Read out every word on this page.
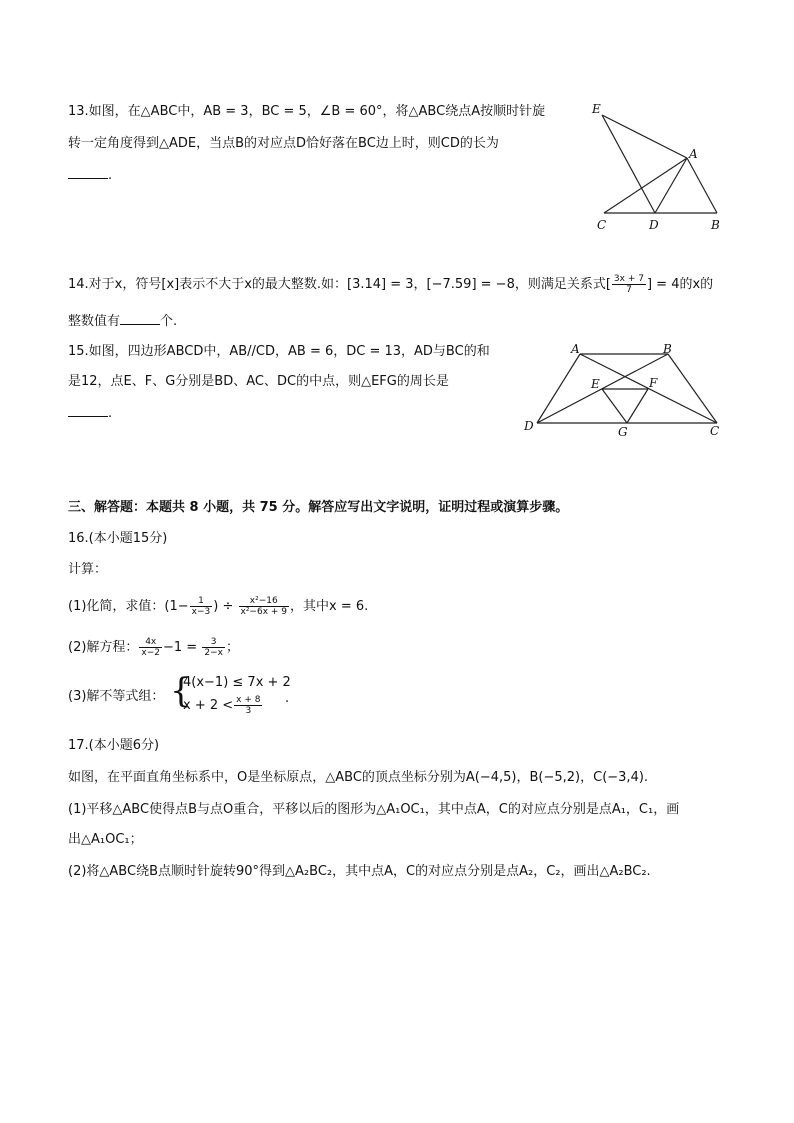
13.如图，在△ABC中，AB = 3，BC = 5，∠B = 60°，将△ABC绕点A按顺时针旋
转一定角度得到△ADE，当点B的对应点D恰好落在BC边上时，则CD的长为
.
E
A
C	D	B
14.对于x，符号[x]表示不大于x的最大整数.如：[3.14] = 3，[−7.59] = −8，则满足关系式[ $\frac{3x + 7}{7}$ ] = 4的x的
整数值有	个.
15.如图，四边形ABCD中，AB//CD，AB = 6，DC = 13，AD与BC的和
是12，点E、F、G分别是BD、AC、DC的中点，则△EFG的周长是
.
A	B
E	F
D	G	C
三、解答题：本题共 8 小题，共 75 分。解答应写出文字说明，证明过程或演算步骤。
16.(本小题15分)
计算：
(1)化简，求值：($1- \frac{1}{x-3}$ ) ÷ $\frac{\text{x²−16}}{\text{x²−6x + 9}}$ ，其中x = 6.
(2)解方程： $\frac{4x}{x-2} -1 = \frac{3}{2-x}$ ；
(3)解不等式组： {
4(x−1) ≤ 7x + 2
$x + 2 < \frac{x + 8}{3}$ .
17.(本小题6分)
如图，在平面直角坐标系中，O是坐标原点，△ABC的顶点坐标分别为A(−4,5)，B(−5,2)，C(−3,4).
(1)平移△ABC使得点B与点O重合，平移以后的图形为△A₁OC₁，其中点A，C的对应点分别是点A₁，C₁，画
出△A₁OC₁；
(2)将△ABC绕B点顺时针旋转90°得到△A₂BC₂，其中点A，C的对应点分别是点A₂，C₂，画出△A₂BC₂.
